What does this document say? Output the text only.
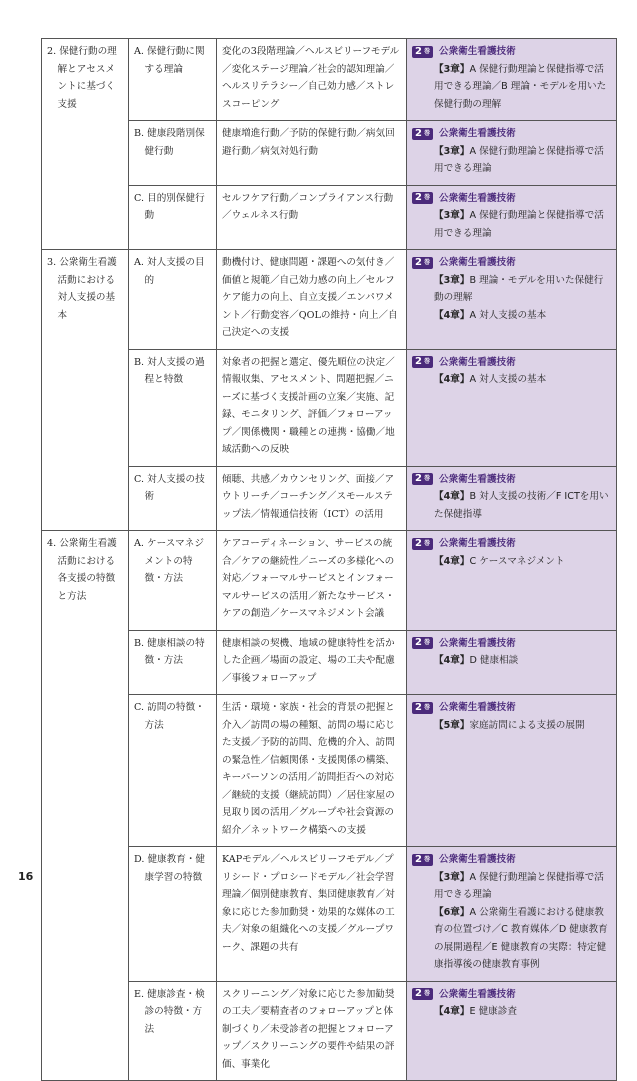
2. 保健行動の理解とアセスメントに基づく支援	A. 保健行動に関する理論	変化の3段階理論／ヘルスビリーフモデル／変化ステージ理論／社会的認知理論／ヘルスリテラシー／自己効力感／ストレスコーピング	2 巻 公衆衛生看護技術
【3章】A 保健行動理論と保健指導で活用できる理論／B 理論・モデルを用いた保健行動の理解

	B. 健康段階別保健行動	健康増進行動／予防的保健行動／病気回避行動／病気対処行動	2 巻 公衆衛生看護技術
【3章】A 保健行動理論と保健指導で活用できる理論

	C. 目的別保健行動	セルフケア行動／コンプライアンス行動／ウェルネス行動	2 巻 公衆衛生看護技術
【3章】A 保健行動理論と保健指導で活用できる理論

3. 公衆衛生看護活動における対人支援の基本	A. 対人支援の目的	動機付け、健康問題・課題への気付き／価値と規範／自己効力感の向上／セルフケア能力の向上、自立支援／エンパワメント／行動変容／QOLの維持・向上／自己決定への支援	2 巻 公衆衛生看護技術
【3章】B 理論・モデルを用いた保健行動の理解
【4章】A 対人支援の基本

	B. 対人支援の過程と特徴	対象者の把握と選定、優先順位の決定／情報収集、アセスメント、問題把握／ニーズに基づく支援計画の立案／実施、記録、モニタリング、評価／フォローアップ／関係機関・職種との連携・協働／地域活動への反映	2 巻 公衆衛生看護技術
【4章】A 対人支援の基本

	C. 対人支援の技術	傾聴、共感／カウンセリング、面接／アウトリーチ／コーチング／スモールステップ法／情報通信技術（ICT）の活用	2 巻 公衆衛生看護技術
【4章】B 対人支援の技術／F ICTを用いた保健指導

4. 公衆衛生看護活動における各支援の特徴と方法	A. ケースマネジメントの特徴・方法	ケアコーディネーション、サービスの統合／ケアの継続性／ニーズの多様化への対応／フォーマルサービスとインフォーマルサービスの活用／新たなサービス・ケアの創造／ケースマネジメント会議	2 巻 公衆衛生看護技術
【4章】C ケースマネジメント

	B. 健康相談の特徴・方法	健康相談の契機、地域の健康特性を活かした企画／場面の設定、場の工夫や配慮／事後フォローアップ	2 巻 公衆衛生看護技術
【4章】D 健康相談

	C. 訪問の特徴・方法	生活・環境・家族・社会的背景の把握と介入／訪問の場の種類、訪問の場に応じた支援／予防的訪問、危機的介入、訪問の緊急性／信頼関係・支援関係の構築、キーパーソンの活用／訪問拒否への対応／継続的支援（継続訪問）／居住家屋の見取り図の活用／グループや社会資源の紹介／ネットワーク構築への支援	2 巻 公衆衛生看護技術
【5章】家庭訪問による支援の展開

	D. 健康教育・健康学習の特徴	KAPモデル／ヘルスビリーフモデル／プリシード・プロシードモデル／社会学習理論／個別健康教育、集団健康教育／対象に応じた参加動奨・効果的な媒体の工夫／対象の組織化への支援／グループワーク、課題の共有	2 巻 公衆衛生看護技術
【3章】A 保健行動理論と保健指導で活用できる理論
【6章】A 公衆衛生看護における健康教育の位置づけ／C 教育媒体／D 健康教育の展開過程／E 健康教育の実際：特定健康指導後の健康教育事例

	E. 健康診査・検診の特徴・方法	スクリーニング／対象に応じた参加勧奨の工夫／要精査者のフォローアップと体制づくり／未受診者の把握とフォローアップ／スクリーニングの要件や結果の評価、事業化	2 巻 公衆衛生看護技術
【4章】E 健康診査
16
